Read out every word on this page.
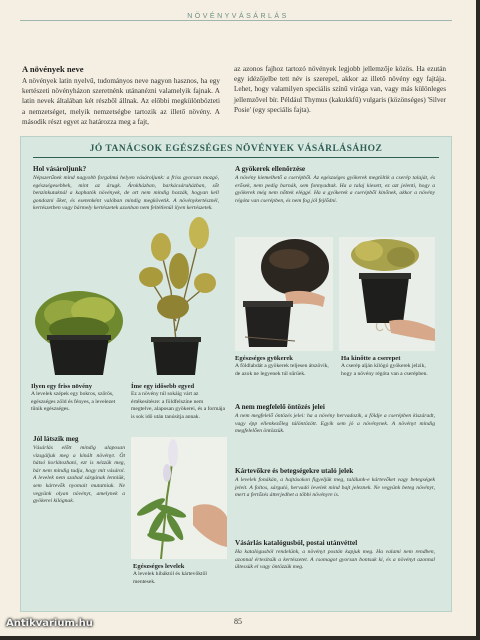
NÖVÉNYVÁSÁRLÁS
A növények neve

A növények latin nyelvű, tudományos neve nagyon hasznos, ha egy kertészeti növényházon szeretnénk utánanézni valamelyik fajnak. A latin nevek általában két részből állnak. Az előbbi megkülönbözteti a nemzetséget, melyik nemzetségbe tartozik az illető növény. A második részt egyet az határozza meg a fajt,

az azonos fajhoz tartozó növények legjobb jellemzője közös. Ha ezután egy idézőjelbe tett név is szerepel, akkor az illető növény egy fajtája. Lehet, hogy valamilyen speciális színű virága van, vagy más különleges jellemzővel bír. Például Thymus (kakukkfű) vulgaris (közönséges) 'Silver Posie' (egy speciális fajta).

JÓ TANÁCSOK EGÉSZSÉGES NÖVÉNYEK VÁSÁRLÁSÁHOZ
Hol vásároljunk?

Népszerűnek mind nagyobb forgalmú helyen vásároljunk: a friss gyorsan mozgó, egészségesebbek, mint az árugk. Árokházban, barkácsáruházban, sőt benzinkutaknál a kaphatók növények, de ott nem mindig hozzák, hogyan kell gondozni őket, és esetenként valóban mindig megkövetik. A növénykertésznél, kertészetben vagy bármely kertészetek azonban nem feltétlenül ilyen kertészetek.

Ilyen egy friss növény

A levelek szépek egy bokros, szőrös, egészséges zöld és fényes, a levelezet tűnik egészséges.

Íme egy idősebb egyed

Ez a növény túl sokáig várt az értékesítésre: a földfelszíne nem megtelve, alaposan gyökerei, és a formája is sok idő után tanúsítja annak.

Jól látszik meg

Vásárlás előtt mindig alaposan vizsgáljuk meg a kínált növényt. Öt hátsó korlátozható, ezt is nézzük meg, bár nem mindig tudja, hogy mit vásárol. A levelek nem szabad sárgának lenniük, sem kártevők nyomait mutatniuk. Ne vegyünk olyan növényt, amelynek a gyökerei kilógnak.

Egészséges levelek

A levelek hibáktól és kártevőktől mentesek.

A gyökerek ellenőrzése

A növény kiemelhető a cserépből. Az egészséges gyökerek megtöltik a cserép talaját, és erősek, nem pedig barnák, sem fonnyadtak. Ha a talaj kiesett, ez azt jelenti, hogy a gyökerek még nem nőttek eléggé. Ha a gyökerek a cserépből kinőnek, akkor a növény régóta van cserépben, és nem fog jól fejlődni.

Egészséges gyökerek

A földlabdát a gyökerek teljesen átszövik, de azok ne legyenek túl sűrűek.

Ha kinőtte a cserepet

A cserép alján kilógó gyökerek jelzik, hogy a növény régóta van a cserépben.

A nem megfelelő öntözés jelei

A nem megfelelő öntözés jelei: ha a növény hervadozik, a földje a cserépben kiszáradt, vagy épp ellenkezőleg túlöntözött. Egyik sem jó a növénynek. A növényt mindig megfelelően öntözzük.

Kártevőkre és betegségekre utaló jelek

A levelek fonákán, a hajtásokon figyeljük meg, találunk-e kártevőket vagy betegségek jeleit. A foltos, sárguló, hervadó levelek mind bajt jeleznek. Ne vegyünk beteg növényt, mert a fertőzés átterjedhet a többi növényre is.

Vásárlás katalógusból, postai utánvéttel

Ha katalógusból rendelünk, a növényt postán kapjuk meg. Ha valami nem rendben, azonnal értesítsük a kertészetet. A csomagot gyorsan bontsuk ki, és a növényt azonnal ültessük el vagy öntözzük meg.

85
Antikvarium.hu
